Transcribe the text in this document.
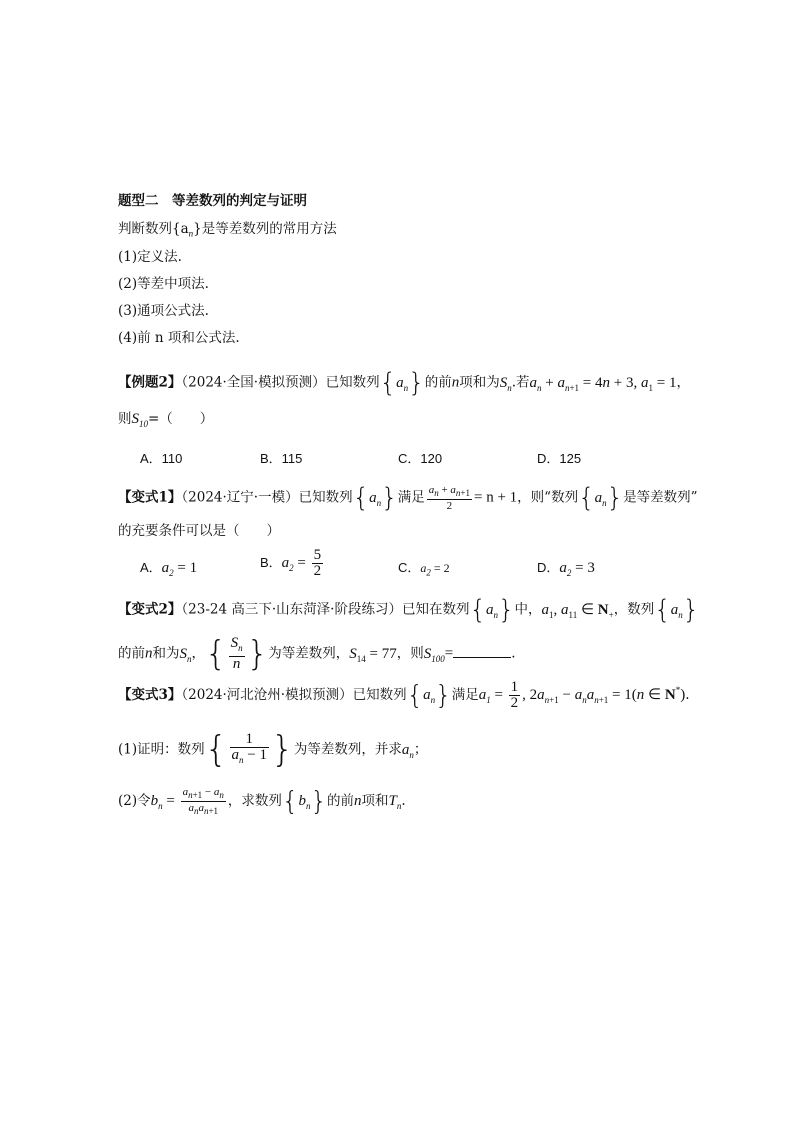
题型二　等差数列的判定与证明
判断数列$\{a_n\}$是等差数列的常用方法
(1)定义法.
(2)等差中项法.
(3)通项公式法.
(4)前 n 项和公式法.
【例题2】（2024·全国·模拟预测）已知数列$\{a_n\}$的前n项和为$S_n$.若$a_n + a_{n+1} = 4n + 3$, $a_1 = 1$，
则$S_{10}=$（　　）
A．110	B．115	C．120	D．125
【变式1】（2024·辽宁·一模）已知数列$\{a_n\}$满足 $\frac{a_n + a_{n+1}}{2} = n + 1$，则“数列$\{a_n\}$是等差数列”
的充要条件可以是（　　）
A．$a_2 = 1$	B．$a_2 = \frac{5}{2}$	C．$a_2 = 2$	D．$a_2 = 3$
【变式2】（23-24 高三下·山东菏泽·阶段练习）已知在数列$\{a_n\}$中，$a_1$, $a_{11}$ ∈ $N_+$，数列$\{a_n\}$
的前n和为$S_n$，{ $\frac{S_n}{n}$ }为等差数列，$S_{14} = 77$，则$S_{100}=$	.
【变式3】（2024·河北沧州·模拟预测）已知数列$\{a_n\}$满足$a_1 = \frac{1}{2}$ , $2a_{n+1} - a_na_{n+1} = 1(n$ ∈ N*).
(1)证明：数列{ $\frac{1}{a_n - 1}$ }为等差数列，并求$a_n$；
(2)令$b_n = \frac{a_{n+1} - a_n}{a_na_{n+1}}$ ，求数列$\{b_n\}$的前n项和$T_n$.
